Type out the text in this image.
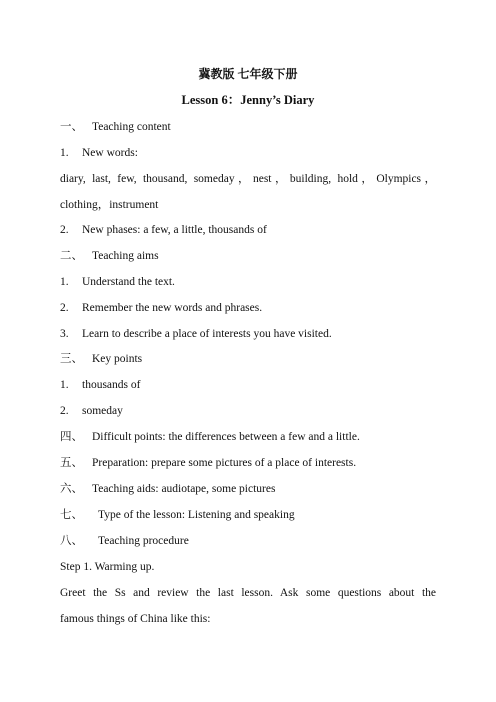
冀教版 七年级下册
Lesson 6：Jenny’s Diary
一、 Teaching content
1. New words:
diary, last, few, thousand, someday，nest，building, hold，Olympics，
clothing，instrument
2. New phases: a few, a little, thousands of
二、 Teaching aims
1. Understand the text.
2. Remember the new words and phrases.
3. Learn to describe a place of interests you have visited.
三、 Key points
1. thousands of
2. someday
四、 Difficult points: the differences between a few and a little.
五、 Preparation: prepare some pictures of a place of interests.
六、 Teaching aids: audiotape, some pictures
七、 Type of the lesson: Listening and speaking
八、 Teaching procedure
Step 1. Warming up.
Greet the Ss and review the last lesson. Ask some questions about the
famous things of China like this:
